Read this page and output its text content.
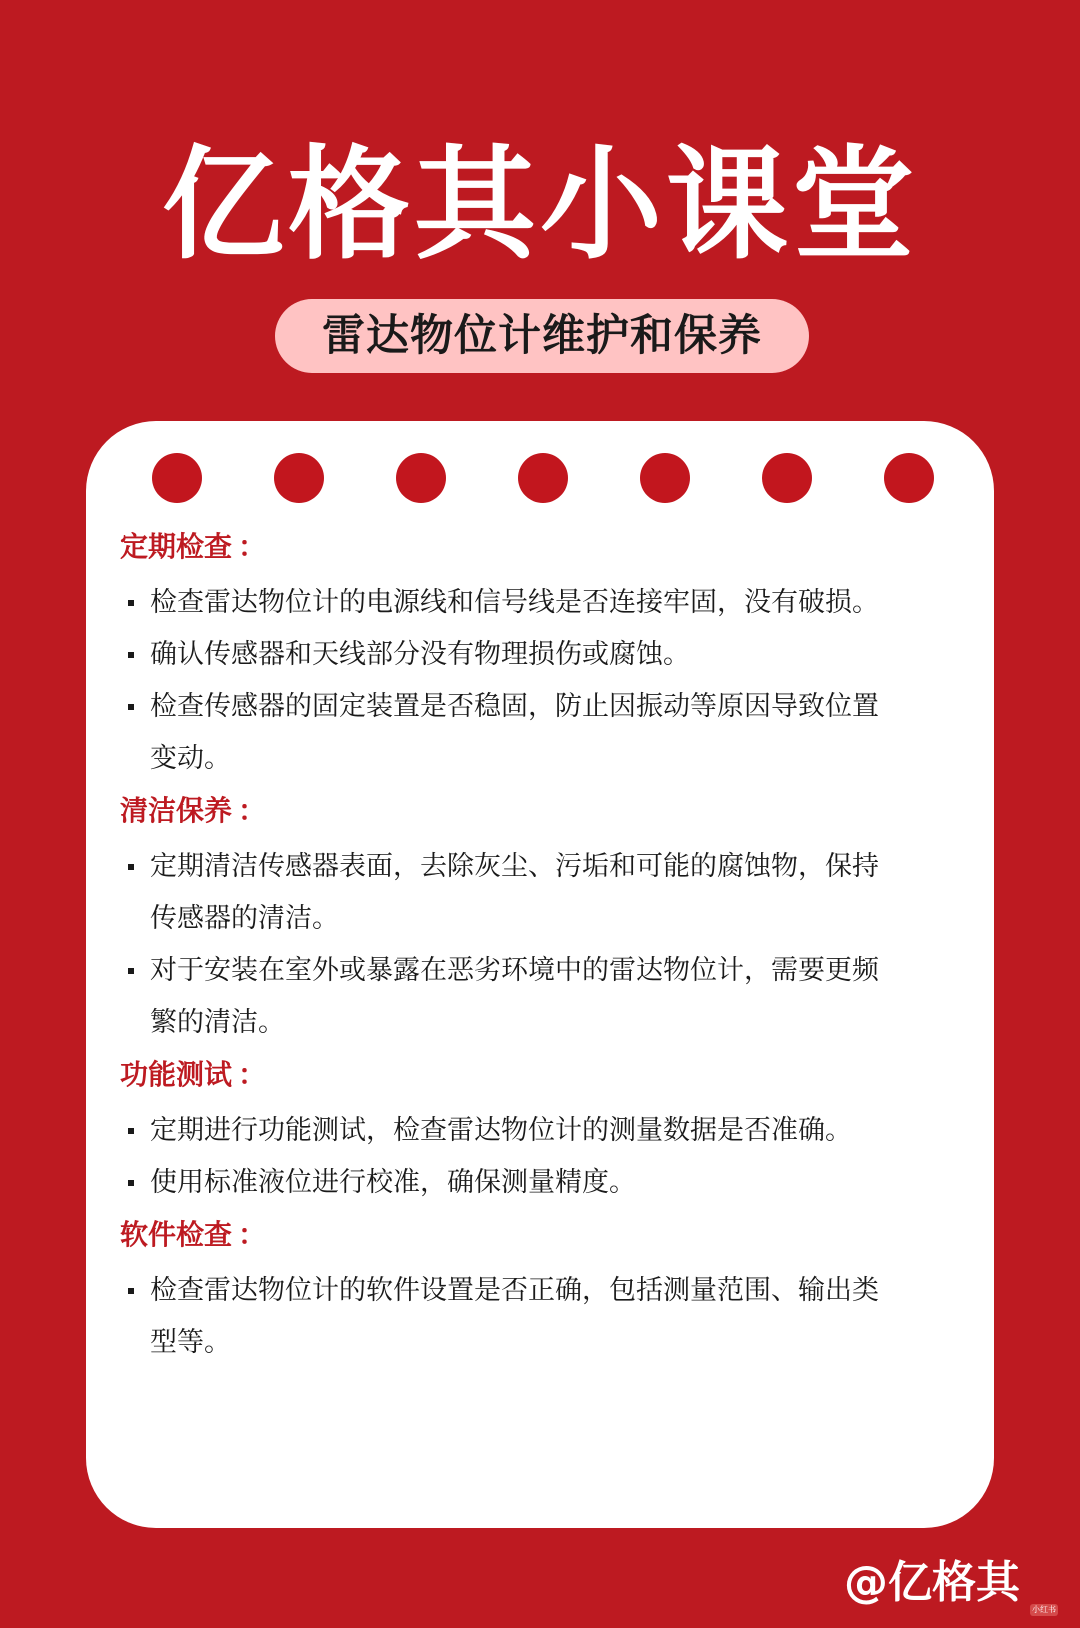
亿格其小课堂
雷达物位计维护和保养
定期检查 ：
检查雷达物位计的电源线和信号线是否连接牢固，没有破损。
确认传感器和天线部分没有物理损伤或腐蚀。
检查传感器的固定装置是否稳固，防止因振动等原因导致位置变动。
清洁保养 ：
定期清洁传感器表面，去除灰尘、污垢和可能的腐蚀物，保持传感器的清洁。
对于安装在室外或暴露在恶劣环境中的雷达物位计，需要更频繁的清洁。
功能测试 ：
定期进行功能测试，检查雷达物位计的测量数据是否准确。
使用标准液位进行校准，确保测量精度。
软件检查 ：
检查雷达物位计的软件设置是否正确，包括测量范围、输出类型等。
@亿格其
小红书
